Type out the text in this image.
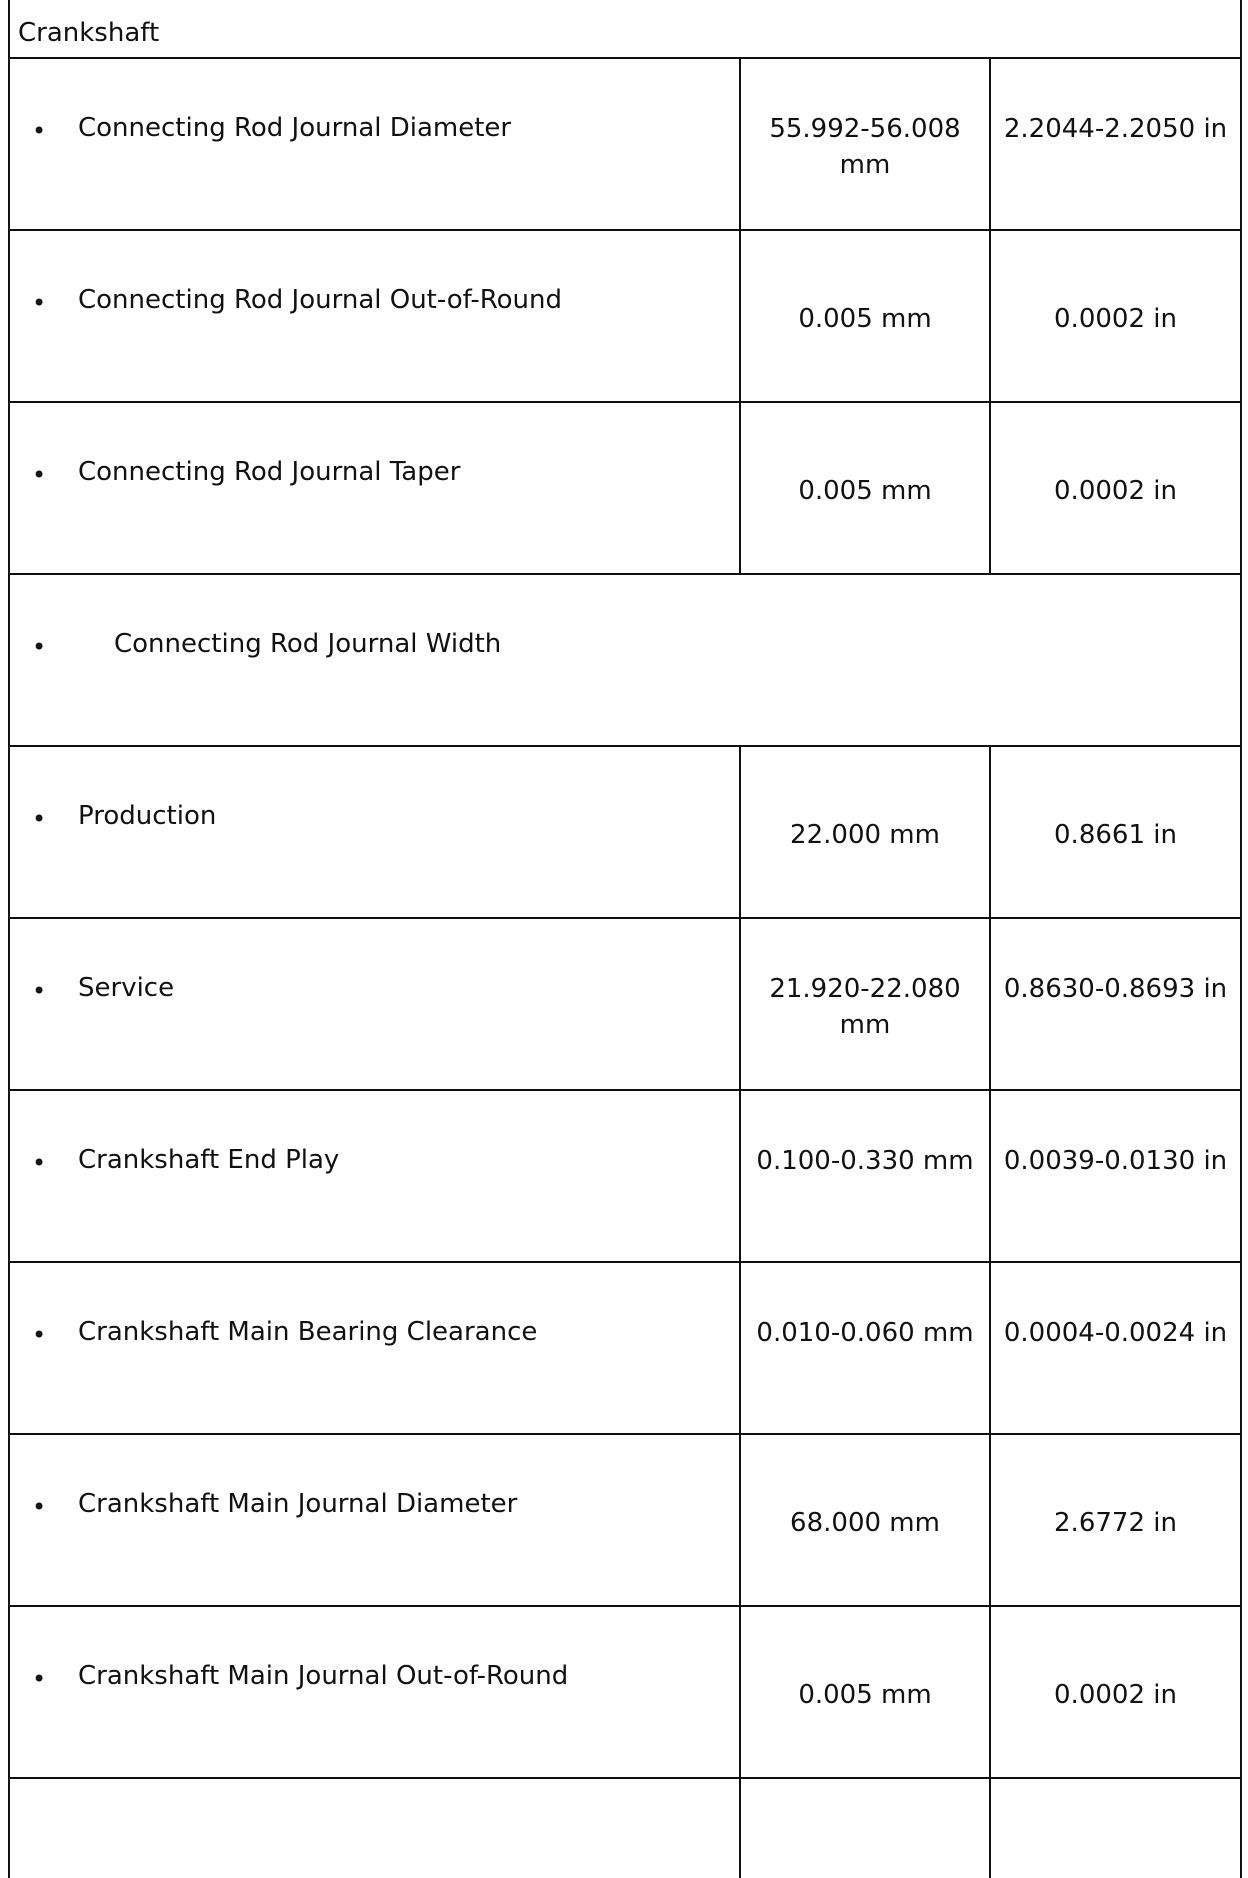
Crankshaft		

• Connecting Rod Journal Diameter	55.992-56.008 mm	2.2044-2.2050 in

• Connecting Rod Journal Out-of-Round	0.005 mm	0.0002 in

• Connecting Rod Journal Taper	0.005 mm	0.0002 in

• Connecting Rod Journal Width		

• Production	22.000 mm	0.8661 in

• Service	21.920-22.080 mm	0.8630-0.8693 in

• Crankshaft End Play	0.100-0.330 mm	0.0039-0.0130 in

• Crankshaft Main Bearing Clearance	0.010-0.060 mm	0.0004-0.0024 in

• Crankshaft Main Journal Diameter	68.000 mm	2.6772 in

• Crankshaft Main Journal Out-of-Round	0.005 mm	0.0002 in
